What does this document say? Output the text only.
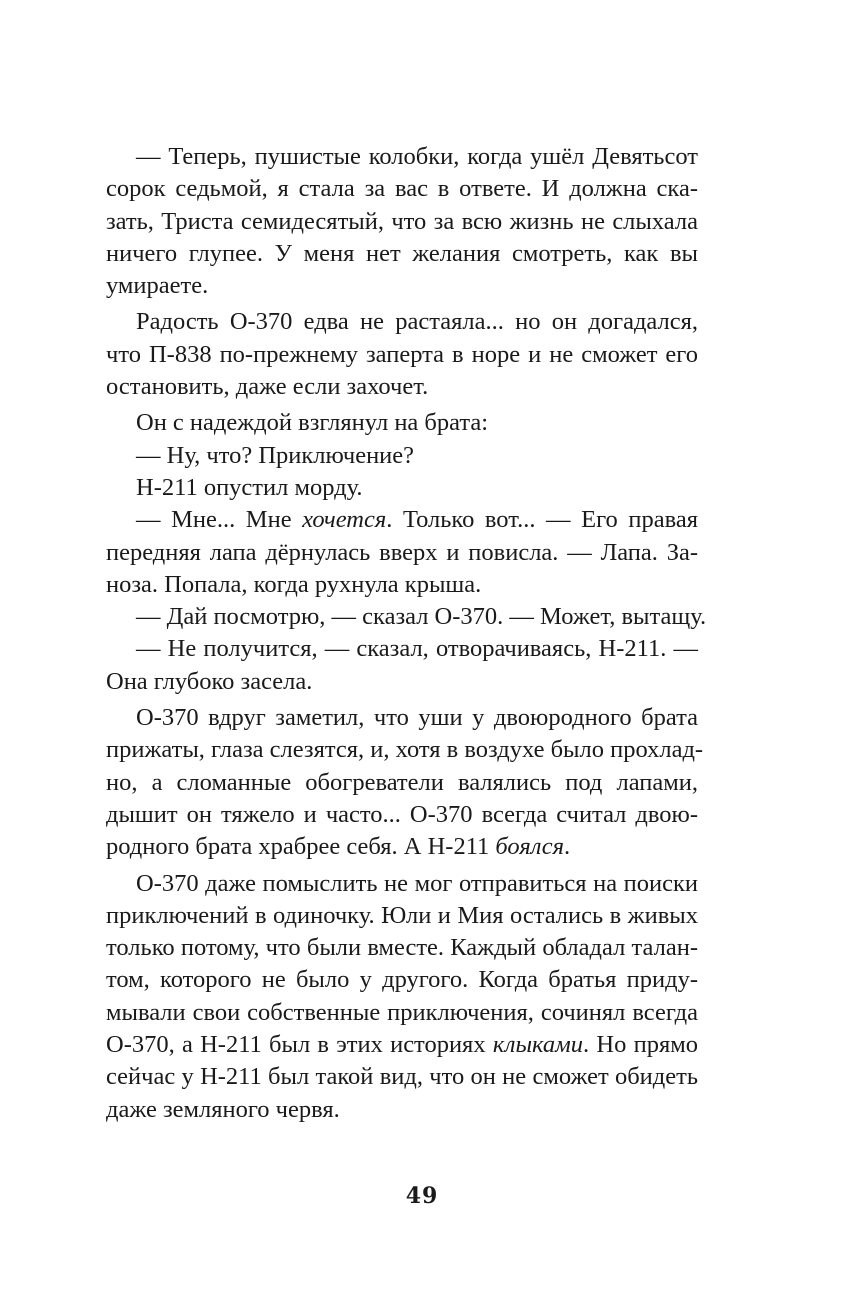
— Теперь, пушистые колобки, когда ушёл Девятьсот
сорок седьмой, я стала за вас в ответе. И должна ска-
зать, Триста семидесятый, что за всю жизнь не слыхала
ничего глупее. У меня нет желания смотреть, как вы
умираете.
Радость О-370 едва не растаяла... но он догадался,
что П-838 по-прежнему заперта в норе и не сможет его
остановить, даже если захочет.
Он с надеждой взглянул на брата:
— Ну, что? Приключение?
Н-211 опустил морду.
— Мне... Мне хочется. Только вот... — Его правая
передняя лапа дёрнулась вверх и повисла. — Лапа. За-
ноза. Попала, когда рухнула крыша.
— Дай посмотрю, — сказал О-370. — Может, вытащу.
— Не получится, — сказал, отворачиваясь, Н-211. —
Она глубоко засела.
О-370 вдруг заметил, что уши у двоюродного брата
прижаты, глаза слезятся, и, хотя в воздухе было прохлад-
но, а сломанные обогреватели валялись под лапами,
дышит он тяжело и часто... О-370 всегда считал двою-
родного брата храбрее себя. А Н-211 боялся.
О-370 даже помыслить не мог отправиться на поиски
приключений в одиночку. Юли и Мия остались в живых
только потому, что были вместе. Каждый обладал талан-
том, которого не было у другого. Когда братья приду-
мывали свои собственные приключения, сочинял всегда
О-370, а Н-211 был в этих историях клыками. Но прямо
сейчас у Н-211 был такой вид, что он не сможет обидеть
даже земляного червя.
49
